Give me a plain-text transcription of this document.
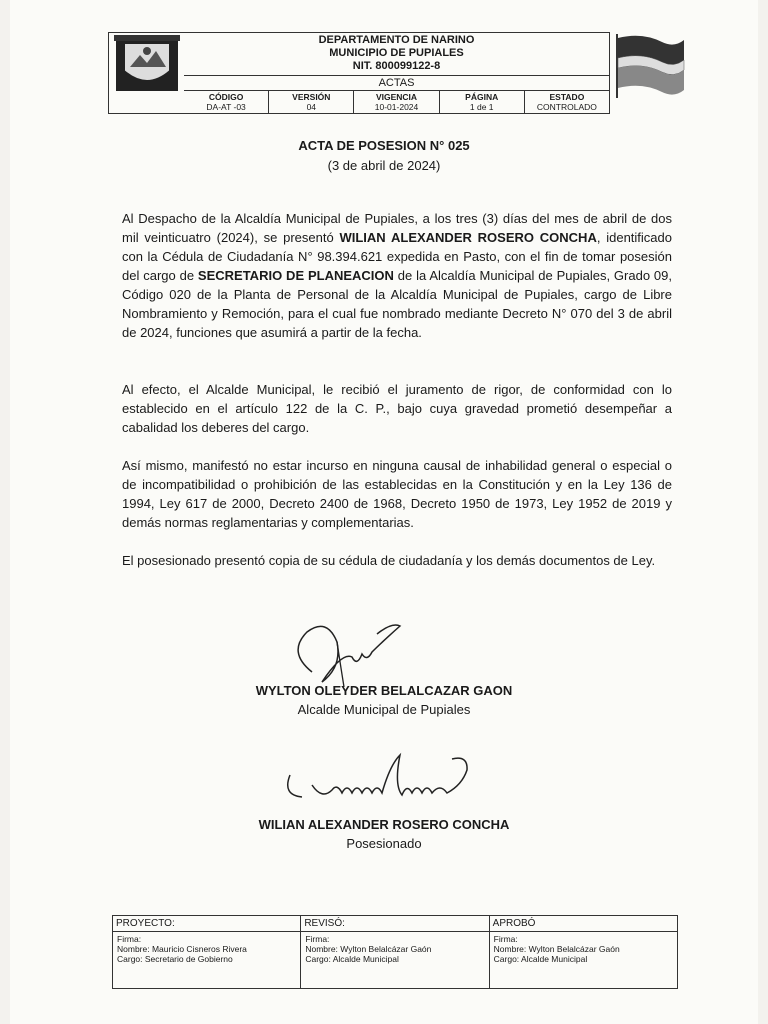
DEPARTAMENTO DE NARINO
MUNICIPIO DE PUPIALES
NIT. 800099122-8
ACTAS
CÓDIGO
DA-AT -03
VERSIÓN
04
VIGENCIA
10-01-2024
PÁGINA
1 de 1
ESTADO
CONTROLADO
ACTA DE POSESION N° 025
(3 de abril de 2024)
Al Despacho de la Alcaldía Municipal de Pupiales, a los tres (3) días del mes de abril de dos mil veinticuatro (2024), se presentó WILIAN ALEXANDER ROSERO CONCHA, identificado con la Cédula de Ciudadanía N° 98.394.621 expedida en Pasto, con el fin de tomar posesión del cargo de SECRETARIO DE PLANEACION de la Alcaldía Municipal de Pupiales, Grado 09, Código 020 de la Planta de Personal de la Alcaldía Municipal de Pupiales, cargo de Libre Nombramiento y Remoción, para el cual fue nombrado mediante Decreto N° 070 del 3 de abril de 2024, funciones que asumirá a partir de la fecha.
Al efecto, el Alcalde Municipal, le recibió el juramento de rigor, de conformidad con lo establecido en el artículo 122 de la C. P., bajo cuya gravedad prometió desempeñar a cabalidad los deberes del cargo.
Así mismo, manifestó no estar incurso en ninguna causal de inhabilidad general o especial o de incompatibilidad o prohibición de las establecidas en la Constitución y en la Ley 136 de 1994, Ley 617 de 2000, Decreto 2400 de 1968, Decreto 1950 de 1973, Ley 1952 de 2019 y demás normas reglamentarias y complementarias.
El posesionado presentó copia de su cédula de ciudadanía y los demás documentos de Ley.
WYLTON OLEYDER BELALCAZAR GAON
Alcalde Municipal de Pupiales
WILIAN ALEXANDER ROSERO CONCHA
Posesionado
PROYECTO:
Firma:
Nombre: Mauricio Cisneros Rivera
Cargo: Secretario de Gobierno
REVISÓ:
Firma:
Nombre: Wylton Belalcázar Gaón
Cargo: Alcalde Municipal
APROBÓ
Firma:
Nombre: Wylton Belalcázar Gaón
Cargo: Alcalde Municipal
